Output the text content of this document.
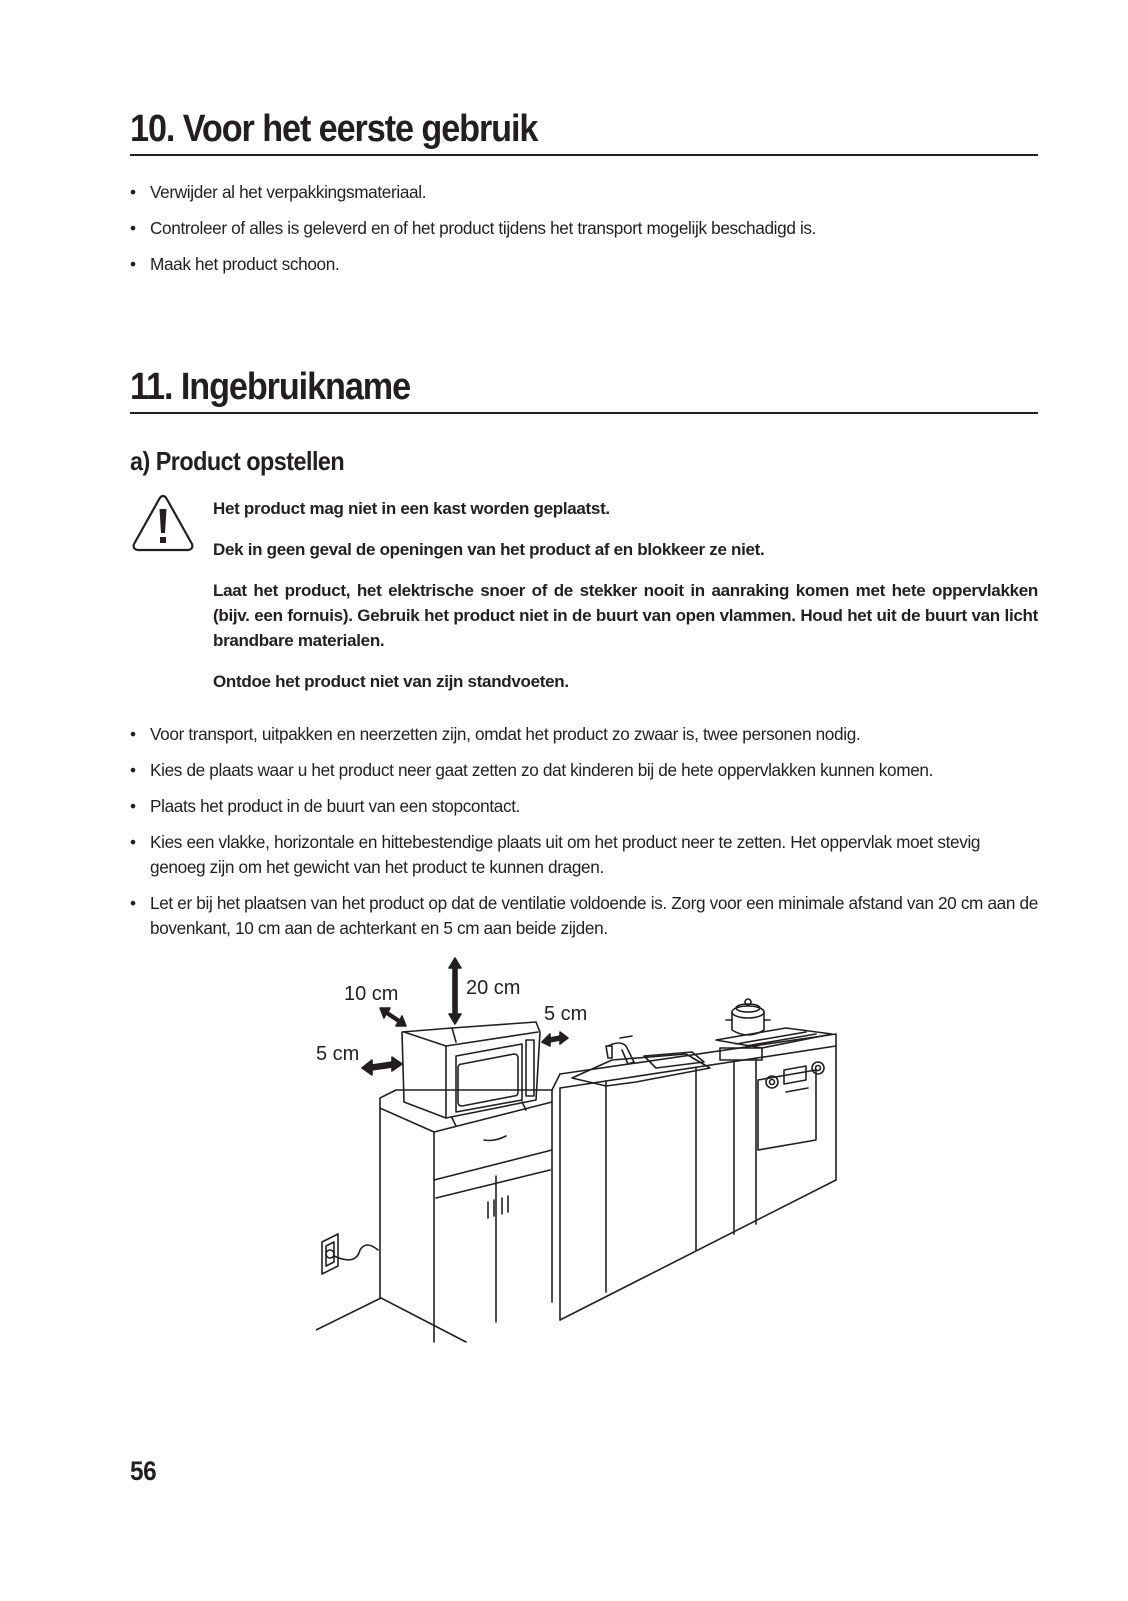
10. Voor het eerste gebruik
• Verwijder al het verpakkingsmateriaal.
• Controleer of alles is geleverd en of het product tijdens het transport mogelijk beschadigd is.
• Maak het product schoon.
11. Ingebruikname
a) Product opstellen

Het product mag niet in een kast worden geplaatst.

Dek in geen geval de openingen van het product af en blokkeer ze niet.

Laat het product, het elektrische snoer of de stekker nooit in aanraking komen met hete oppervlakken (bijv. een fornuis). Gebruik het product niet in de buurt van open vlammen. Houd het uit de buurt van licht brandbare materialen.

Ontdoe het product niet van zijn standvoeten.

• Voor transport, uitpakken en neerzetten zijn, omdat het product zo zwaar is, twee personen nodig.
• Kies de plaats waar u het product neer gaat zetten zo dat kinderen bij de hete oppervlakken kunnen komen.
• Plaats het product in de buurt van een stopcontact.
• Kies een vlakke, horizontale en hittebestendige plaats uit om het product neer te zetten. Het oppervlak moet stevig genoeg zijn om het gewicht van het product te kunnen dragen.
• Let er bij het plaatsen van het product op dat de ventilatie voldoende is. Zorg voor een minimale afstand van 20 cm aan de bovenkant, 10 cm aan de achterkant en 5 cm aan beide zijden.
20 cm
10 cm
5 cm
5 cm
56
